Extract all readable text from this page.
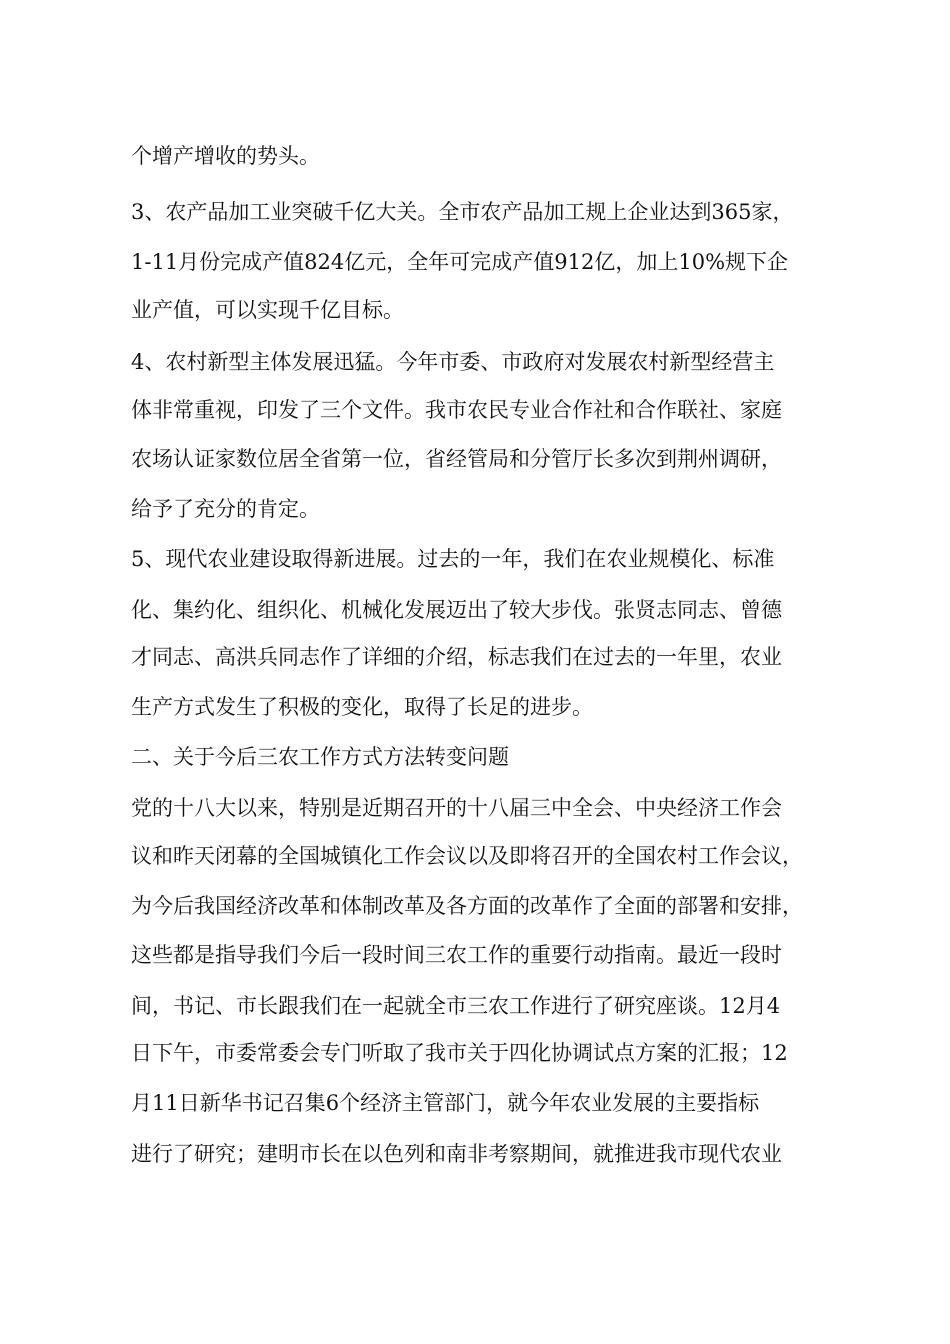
个增产增收的势头。
3、农产品加工业突破千亿大关。全市农产品加工规上企业达到365家，
1-11月份完成产值824亿元，全年可完成产值912亿，加上10%规下企
业产值，可以实现千亿目标。
4、农村新型主体发展迅猛。今年市委、市政府对发展农村新型经营主
体非常重视，印发了三个文件。我市农民专业合作社和合作联社、家庭
农场认证家数位居全省第一位，省经管局和分管厅长多次到荆州调研，
给予了充分的肯定。
5、现代农业建设取得新进展。过去的一年，我们在农业规模化、标准
化、集约化、组织化、机械化发展迈出了较大步伐。张贤志同志、曾德
才同志、高洪兵同志作了详细的介绍，标志我们在过去的一年里，农业
生产方式发生了积极的变化，取得了长足的进步。
二、关于今后三农工作方式方法转变问题
党的十八大以来，特别是近期召开的十八届三中全会、中央经济工作会
议和昨天闭幕的全国城镇化工作会议以及即将召开的全国农村工作会议，
为今后我国经济改革和体制改革及各方面的改革作了全面的部署和安排，
这些都是指导我们今后一段时间三农工作的重要行动指南。最近一段时
间，书记、市长跟我们在一起就全市三农工作进行了研究座谈。12月4
日下午，市委常委会专门听取了我市关于四化协调试点方案的汇报；12
月11日新华书记召集6个经济主管部门，就今年农业发展的主要指标
进行了研究；建明市长在以色列和南非考察期间，就推进我市现代农业
